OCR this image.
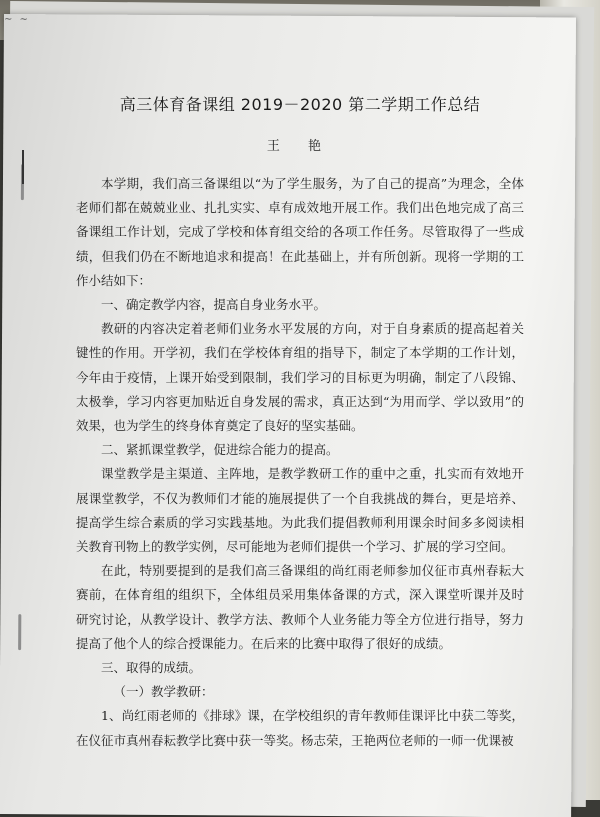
~ ~
高三体育备课组 2019－2020 第二学期工作总结
王 艳

本学期，我们高三备课组以“为了学生服务，为了自己的提高”为理念，全体老师们都在兢兢业业、扎扎实实、卓有成效地开展工作。我们出色地完成了高三备课组工作计划，完成了学校和体育组交给的各项工作任务。尽管取得了一些成绩，但我们仍在不断地追求和提高！在此基础上，并有所创新。现将一学期的工作小结如下：

一、确定教学内容，提高自身业务水平。

教研的内容决定着老师们业务水平发展的方向，对于自身素质的提高起着关键性的作用。开学初，我们在学校体育组的指导下，制定了本学期的工作计划，今年由于疫情，上课开始受到限制，我们学习的目标更为明确，制定了八段锦、太极拳，学习内容更加贴近自身发展的需求，真正达到“为用而学、学以致用”的效果，也为学生的终身体育奠定了良好的坚实基础。

二、紧抓课堂教学，促进综合能力的提高。

课堂教学是主渠道、主阵地，是教学教研工作的重中之重，扎实而有效地开展课堂教学，不仅为教师们才能的施展提供了一个自我挑战的舞台，更是培养、提高学生综合素质的学习实践基地。为此我们提倡教师利用课余时间多多阅读相关教育刊物上的教学实例，尽可能地为老师们提供一个学习、扩展的学习空间。

在此，特别要提到的是我们高三备课组的尚红雨老师参加仪征市真州春耘大赛前，在体育组的组织下，全体组员采用集体备课的方式，深入课堂听课并及时研究讨论，从教学设计、教学方法、教师个人业务能力等全方位进行指导，努力提高了他个人的综合授课能力。在后来的比赛中取得了很好的成绩。

三、取得的成绩。

（一）教学教研：

1、尚红雨老师的《排球》课，在学校组织的青年教师佳课评比中获二等奖，在仪征市真州春耘教学比赛中获一等奖。杨志荣，王艳两位老师的一师一优课被
